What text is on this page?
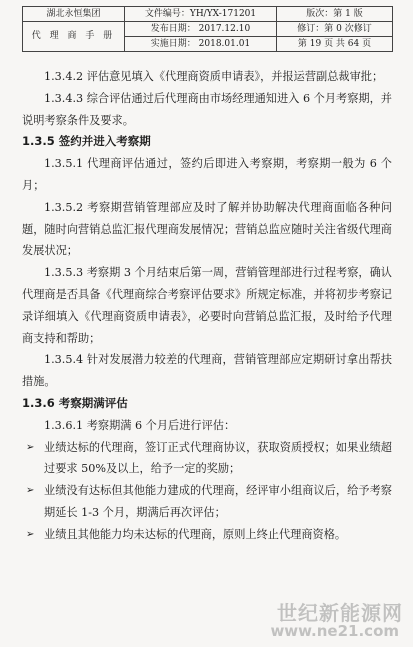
湖北永恒集团	文件编号：YH/YX-171201	版次：第 1 版
代 理 商 手 册	发布日期： 2017.12.10	修订：第 0 次修订
	实施日期： 2018.01.01	第 19 页 共 64 页

1.3.4.2 评估意见填入《代理商资质申请表》，并报运营副总裁审批；

1.3.4.3 综合评估通过后代理商由市场经理通知进入 6 个月考察期，并说明考察条件及要求。

1.3.5 签约并进入考察期

1.3.5.1 代理商评估通过，签约后即进入考察期，考察期一般为 6 个月；

1.3.5.2 考察期营销管理部应及时了解并协助解决代理商面临各种问题，随时向营销总监汇报代理商发展情况；营销总监应随时关注省级代理商发展状况；

1.3.5.3 考察期 3 个月结束后第一周，营销管理部进行过程考察，确认代理商是否具备《代理商综合考察评估要求》所规定标准，并将初步考察记录详细填入《代理商资质申请表》，必要时向营销总监汇报，及时给予代理商支持和帮助；

1.3.5.4 针对发展潜力较差的代理商，营销管理部应定期研讨拿出帮扶措施。

1.3.6 考察期满评估

1.3.6.1 考察期满 6 个月后进行评估：

➢ 业绩达标的代理商，签订正式代理商协议，获取资质授权；如果业绩超过要求 50%及以上，给予一定的奖励；

➢ 业绩没有达标但其他能力建成的代理商，经评审小组商议后，给予考察期延长 1-3 个月，期满后再次评估；

➢ 业绩且其他能力均未达标的代理商，原则上终止代理商资格。

世纪新能源网
www.ne21.com
